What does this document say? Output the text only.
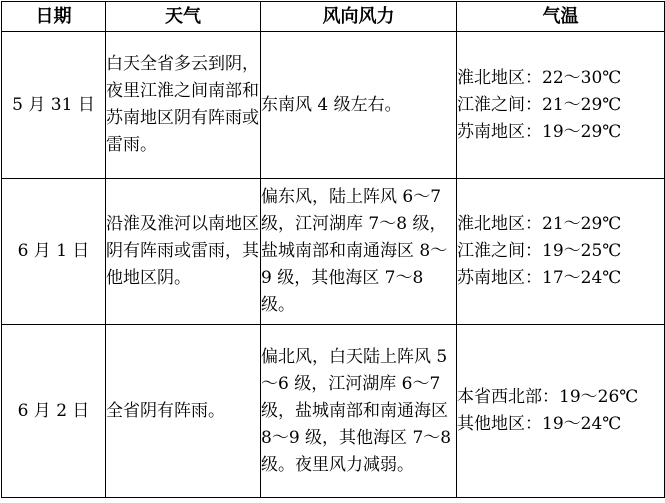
日期	天气	风向风力	气温
5 月 31 日	白天全省多云到阴，夜里江淮之间南部和苏南地区阴有阵雨或雷雨。	东南风 4 级左右。	淮北地区：22～30℃
江淮之间：21～29℃
苏南地区：19～29℃

6 月 1 日	沿淮及淮河以南地区阴有阵雨或雷雨，其他地区阴。	偏东风，陆上阵风 6～7 级，江河湖库 7～8 级，盐城南部和南通海区 8～9 级，其他海区 7～8 级。	淮北地区：21～29℃
江淮之间：19～25℃
苏南地区：17～24℃

6 月 2 日	全省阴有阵雨。	偏北风，白天陆上阵风 5～6 级，江河湖库 6～7 级，盐城南部和南通海区 8～9 级，其他海区 7～8 级。夜里风力减弱。	本省西北部：19～26℃
其他地区：19～24℃
